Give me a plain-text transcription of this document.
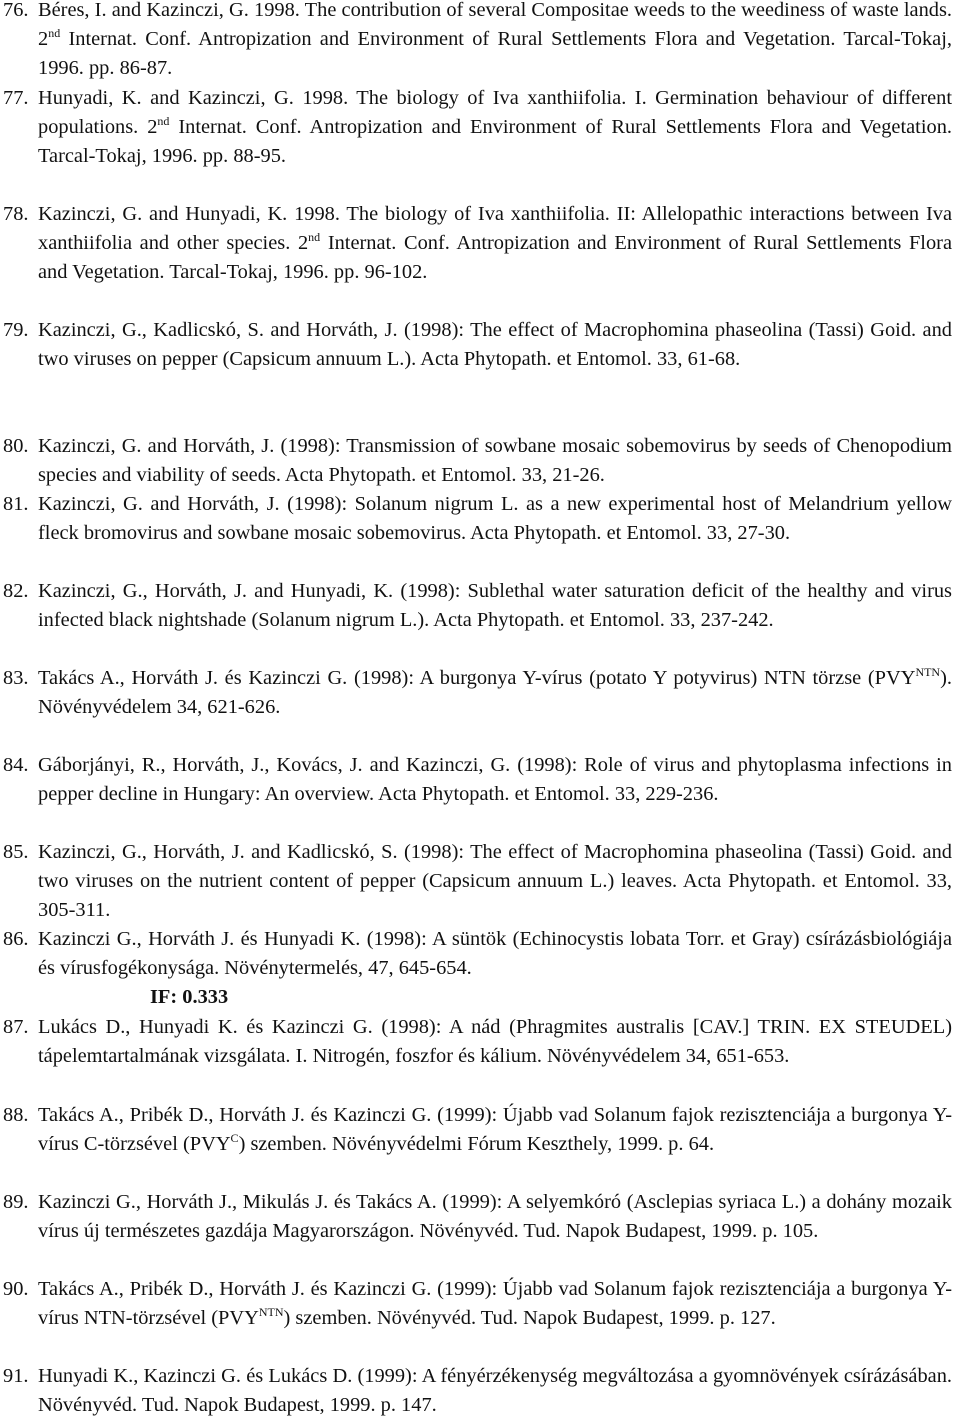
76. Béres, I. and Kazinczi, G. 1998. The contribution of several Compositae weeds to the weediness of waste lands. 2nd Internat. Conf. Antropization and Environment of Rural Settlements Flora and Vegetation. Tarcal-Tokaj, 1996. pp. 86-87.
77. Hunyadi, K. and Kazinczi, G. 1998. The biology of Iva xanthiifolia. I. Germination behaviour of different populations. 2nd Internat. Conf. Antropization and Environment of Rural Settlements Flora and Vegetation. Tarcal-Tokaj, 1996. pp. 88-95.
78. Kazinczi, G. and Hunyadi, K. 1998. The biology of Iva xanthiifolia. II: Allelopathic interactions between Iva xanthiifolia and other species. 2nd Internat. Conf. Antropization and Environment of Rural Settlements Flora and Vegetation. Tarcal-Tokaj, 1996. pp. 96-102.
79. Kazinczi, G., Kadlicskó, S. and Horváth, J. (1998): The effect of Macrophomina phaseolina (Tassi) Goid. and two viruses on pepper (Capsicum annuum L.). Acta Phytopath. et Entomol. 33, 61-68.
80. Kazinczi, G. and Horváth, J. (1998): Transmission of sowbane mosaic sobemovirus by seeds of Chenopodium species and viability of seeds. Acta Phytopath. et Entomol. 33, 21-26.
81. Kazinczi, G. and Horváth, J. (1998): Solanum nigrum L. as a new experimental host of Melandrium yellow fleck bromovirus and sowbane mosaic sobemovirus. Acta Phytopath. et Entomol. 33, 27-30.
82. Kazinczi, G., Horváth, J. and Hunyadi, K. (1998): Sublethal water saturation deficit of the healthy and virus infected black nightshade (Solanum nigrum L.). Acta Phytopath. et Entomol. 33, 237-242.
83. Takács A., Horváth J. és Kazinczi G. (1998): A burgonya Y-vírus (potato Y potyvirus) NTN törzse $(PVY^{NTN})$. Növényvédelem 34, 621-626.
84. Gáborjányi, R., Horváth, J., Kovács, J. and Kazinczi, G. (1998): Role of virus and phytoplasma infections in pepper decline in Hungary: An overview. Acta Phytopath. et Entomol. 33, 229-236.
85. Kazinczi, G., Horváth, J. and Kadlicskó, S. (1998): The effect of Macrophomina phaseolina (Tassi) Goid. and two viruses on the nutrient content of pepper (Capsicum annuum L.) leaves. Acta Phytopath. et Entomol. 33, 305-311.
86. Kazinczi G., Horváth J. és Hunyadi K. (1998): A süntök (Echinocystis lobata Torr. et Gray) csírázásbiológiája és vírusfogékonysága. Növénytermelés, 47, 645-654.
IF: 0.333
87. Lukács D., Hunyadi K. és Kazinczi G. (1998): A nád (Phragmites australis [CAV.] TRIN. EX STEUDEL) tápelemtartalmának vizsgálata. I. Nitrogén, foszfor és kálium. Növényvédelem 34, 651-653.
88. Takács A., Pribék D., Horváth J. és Kazinczi G. (1999): Újabb vad Solanum fajok rezisztenciája a burgonya Y-vírus C-törzsével $(PVY^C)$ szemben. Növényvédelmi Fórum Keszthely, 1999. p. 64.
89. Kazinczi G., Horváth J., Mikulás J. és Takács A. (1999): A selyemkóró (Asclepias syriaca L.) a dohány mozaik vírus új természetes gazdája Magyarországon. Növényvéd. Tud. Napok Budapest, 1999. p. 105.
90. Takács A., Pribék D., Horváth J. és Kazinczi G. (1999): Újabb vad Solanum fajok rezisztenciája a burgonya Y-vírus NTN-törzsével $(PVY^{NTN})$ szemben. Növényvéd. Tud. Napok Budapest, 1999. p. 127.
91. Hunyadi K., Kazinczi G. és Lukács D. (1999): A fényérzékenység megváltozása a gyomnövények csírázásában. Növényvéd. Tud. Napok Budapest, 1999. p. 147.
